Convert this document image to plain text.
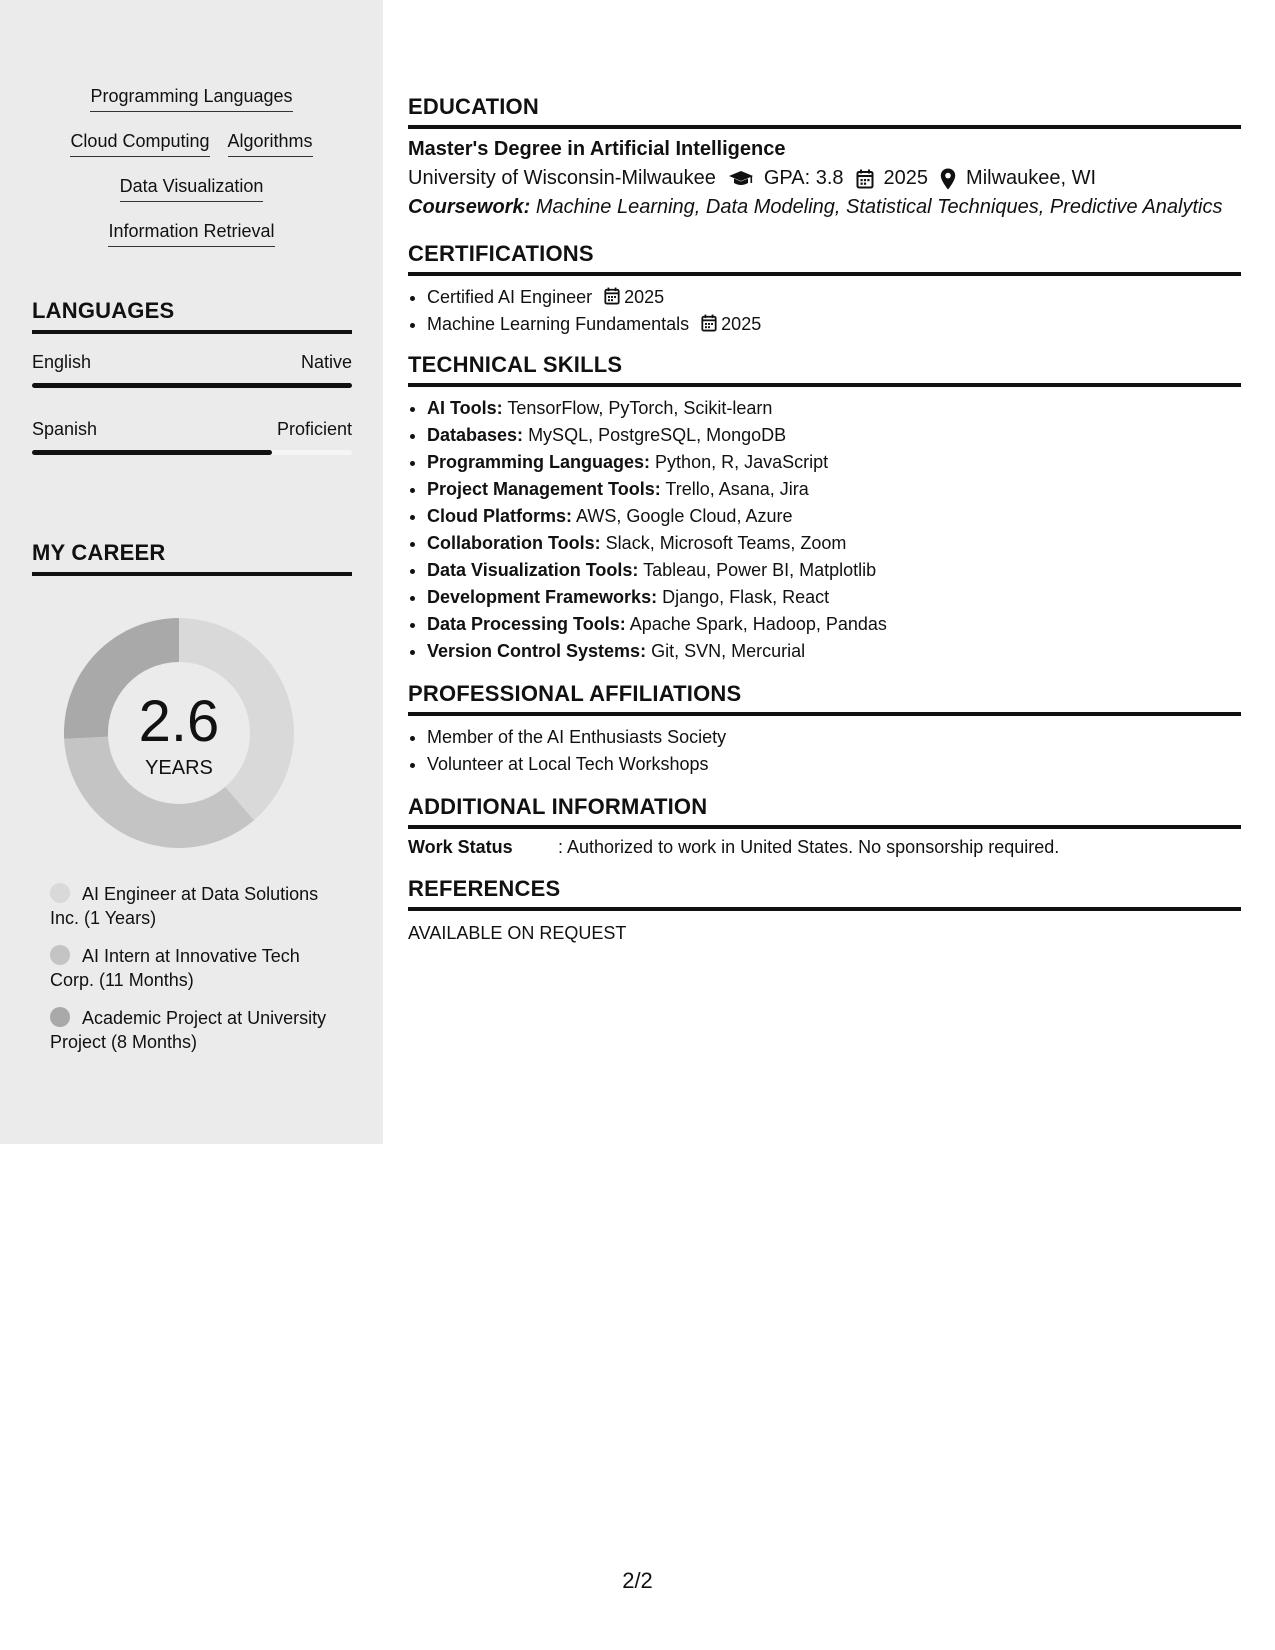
Programming Languages
Cloud Computing Algorithms
Data Visualization
Information Retrieval
LANGUAGES
English	Native
Spanish	Proficient
MY CAREER
2.6
YEARS
AI Engineer at Data Solutions Inc. (1 Years)
AI Intern at Innovative Tech Corp. (11 Months)
Academic Project at University Project (8 Months)
EDUCATION
Master's Degree in Artificial Intelligence
University of Wisconsin-Milwaukee GPA: 3.8 2025 Milwaukee, WI
Coursework: Machine Learning, Data Modeling, Statistical Techniques, Predictive Analytics
CERTIFICATIONS
• Certified AI Engineer 2025
• Machine Learning Fundamentals 2025
TECHNICAL SKILLS
• AI Tools: TensorFlow, PyTorch, Scikit-learn
• Databases: MySQL, PostgreSQL, MongoDB
• Programming Languages: Python, R, JavaScript
• Project Management Tools: Trello, Asana, Jira
• Cloud Platforms: AWS, Google Cloud, Azure
• Collaboration Tools: Slack, Microsoft Teams, Zoom
• Data Visualization Tools: Tableau, Power BI, Matplotlib
• Development Frameworks: Django, Flask, React
• Data Processing Tools: Apache Spark, Hadoop, Pandas
• Version Control Systems: Git, SVN, Mercurial
PROFESSIONAL AFFILIATIONS
• Member of the AI Enthusiasts Society
• Volunteer at Local Tech Workshops
ADDITIONAL INFORMATION
Work Status	: Authorized to work in United States. No sponsorship required.
REFERENCES
AVAILABLE ON REQUEST
2/2
